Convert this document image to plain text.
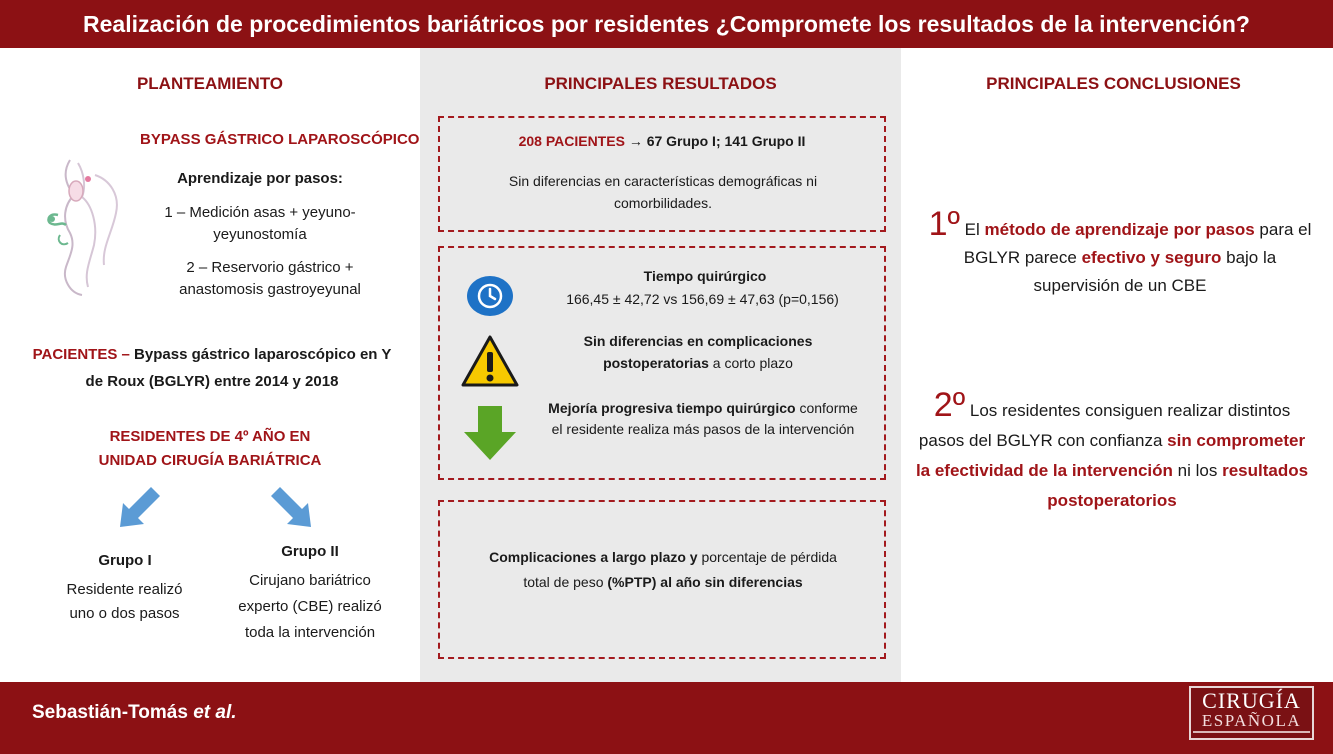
Realización de procedimientos bariátricos por residentes ¿Compromete los resultados de la intervención?
PLANTEAMIENTO
BYPASS GÁSTRICO LAPAROSCÓPICO
Aprendizaje por pasos:
1 – Medición asas + yeyuno-yeyunostomía
2 – Reservorio gástrico + anastomosis gastroyeyunal
PACIENTES – Bypass gástrico laparoscópico en Y de Roux (BGLYR) entre 2014 y 2018
RESIDENTES DE 4º AÑO EN
UNIDAD CIRUGÍA BARIÁTRICA
Grupo I
Residente realizó uno o dos pasos
Grupo II
Cirujano bariátrico experto (CBE) realizó toda la intervención
PRINCIPALES RESULTADOS
208 PACIENTES → 67 Grupo I; 141 Grupo II
Sin diferencias en características demográficas ni comorbilidades.
Tiempo quirúrgico
166,45 ± 42,72 vs 156,69 ± 47,63 (p=0,156)
Sin diferencias en complicaciones postoperatorias a corto plazo
Mejoría progresiva tiempo quirúrgico conforme el residente realiza más pasos de la intervención
Complicaciones a largo plazo y porcentaje de pérdida total de peso (%PTP) al año sin diferencias
PRINCIPALES CONCLUSIONES
1º El método de aprendizaje por pasos para el BGLYR parece efectivo y seguro bajo la supervisión de un CBE
2º Los residentes consiguen realizar distintos pasos del BGLYR con confianza sin comprometer la efectividad de la intervención ni los resultados postoperatorios
Sebastián-Tomás et al.	CIRUGÍA
ESPAÑOLA
